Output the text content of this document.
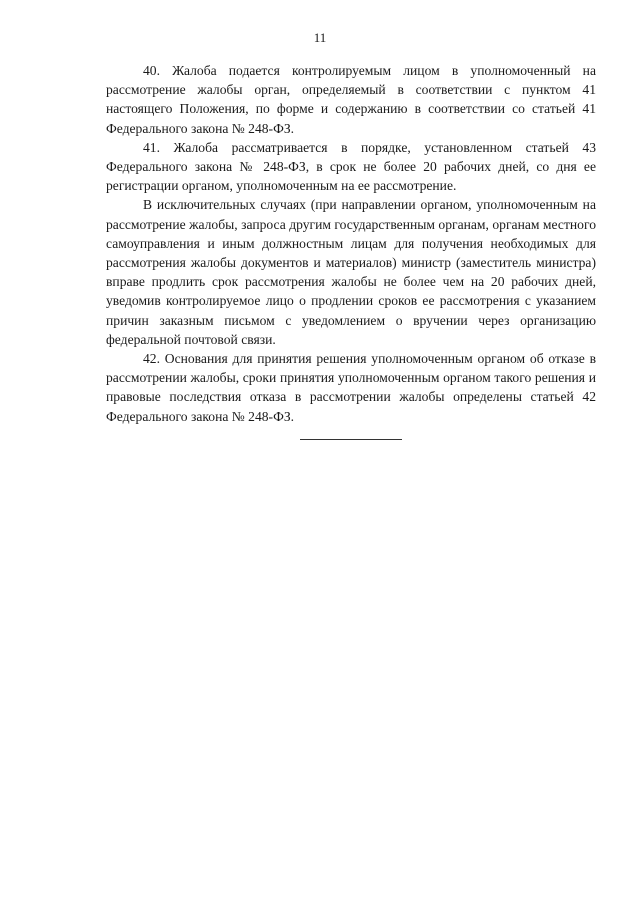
11

40. Жалоба подается контролируемым лицом в уполномоченный на рассмотрение жалобы орган, определяемый в соответствии с пунктом 41 настоящего Положения, по форме и содержанию в соответствии со статьей 41 Федерального закона № 248-ФЗ.

41. Жалоба рассматривается в порядке, установленном статьей 43 Федерального закона № 248-ФЗ, в срок не более 20 рабочих дней, со дня ее регистрации органом, уполномоченным на ее рассмотрение.

В исключительных случаях (при направлении органом, уполномоченным на рассмотрение жалобы, запроса другим государственным органам, органам местного самоуправления и иным должностным лицам для получения необходимых для рассмотрения жалобы документов и материалов) министр (заместитель министра) вправе продлить срок рассмотрения жалобы не более чем на 20 рабочих дней, уведомив контролируемое лицо о продлении сроков ее рассмотрения с указанием причин заказным письмом с уведомлением о вручении через организацию федеральной почтовой связи.

42. Основания для принятия решения уполномоченным органом об отказе в рассмотрении жалобы, сроки принятия уполномоченным органом такого решения и правовые последствия отказа в рассмотрении жалобы определены статьей 42 Федерального закона № 248-ФЗ.
